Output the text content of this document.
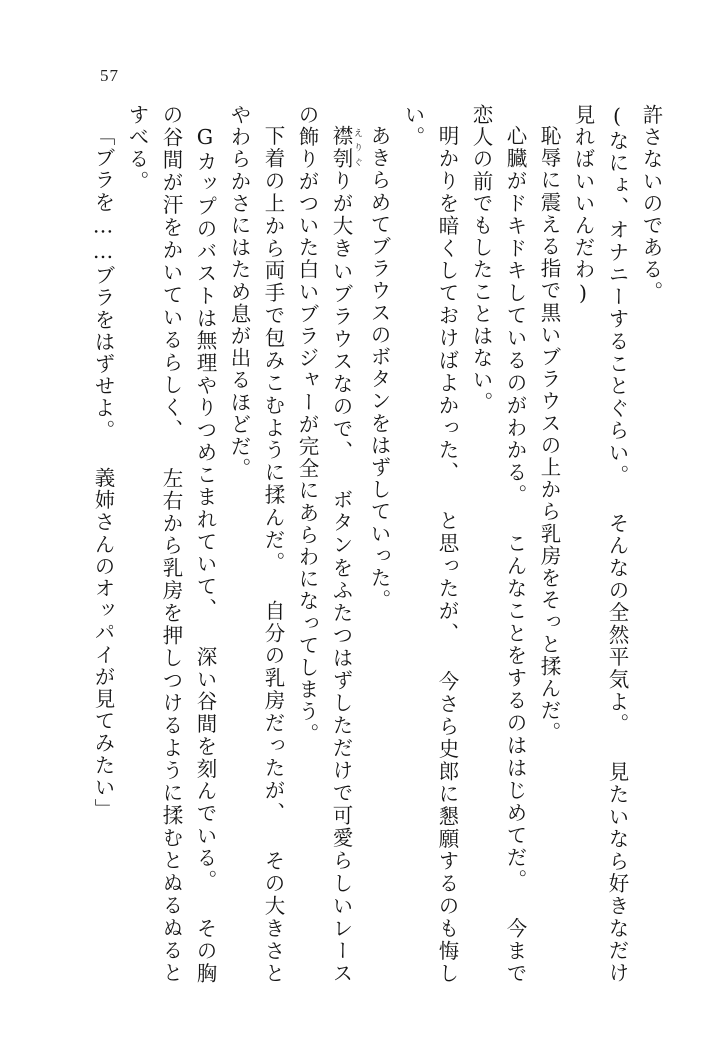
57

許さないのである。

(なにょ、オナニーすることぐらい。 そんなの全然平気よ。 見たいなら好きなだけ見ればいいんだわ)

恥辱に震える指で黒いブラウスの上から乳房をそっと揉んだ。

心臓がドキドキしているのがわかる。 こんなことをするのははじめてだ。 今まで恋人の前でもしたことはない。

明かりを暗くしておけばよかった、 と思ったが、 今さら史郎に懇願するのも悔しい。

あきらめてブラウスのボタンをはずしていった。

襟刳 えりぐりが大きいブラウスなので、 ボタンをふたつはずしただけで可愛らしいレースの飾りがついた白いブラジャーが完全にあらわになってしまう。

下着の上から両手で包みこむように揉んだ。 自分の乳房だったが、 その大きさとやわらかさにはため息が出るほどだ。

Gカップのバストは無理やりつめこまれていて、 深い谷間を刻んでいる。 その胸の谷間が汗をかいているらしく、 左右から乳房を押しつけるように揉むとぬるぬるとすべる。

「ブラを……ブラをはずせよ。 義姉さんのオッパイが見てみたい」
